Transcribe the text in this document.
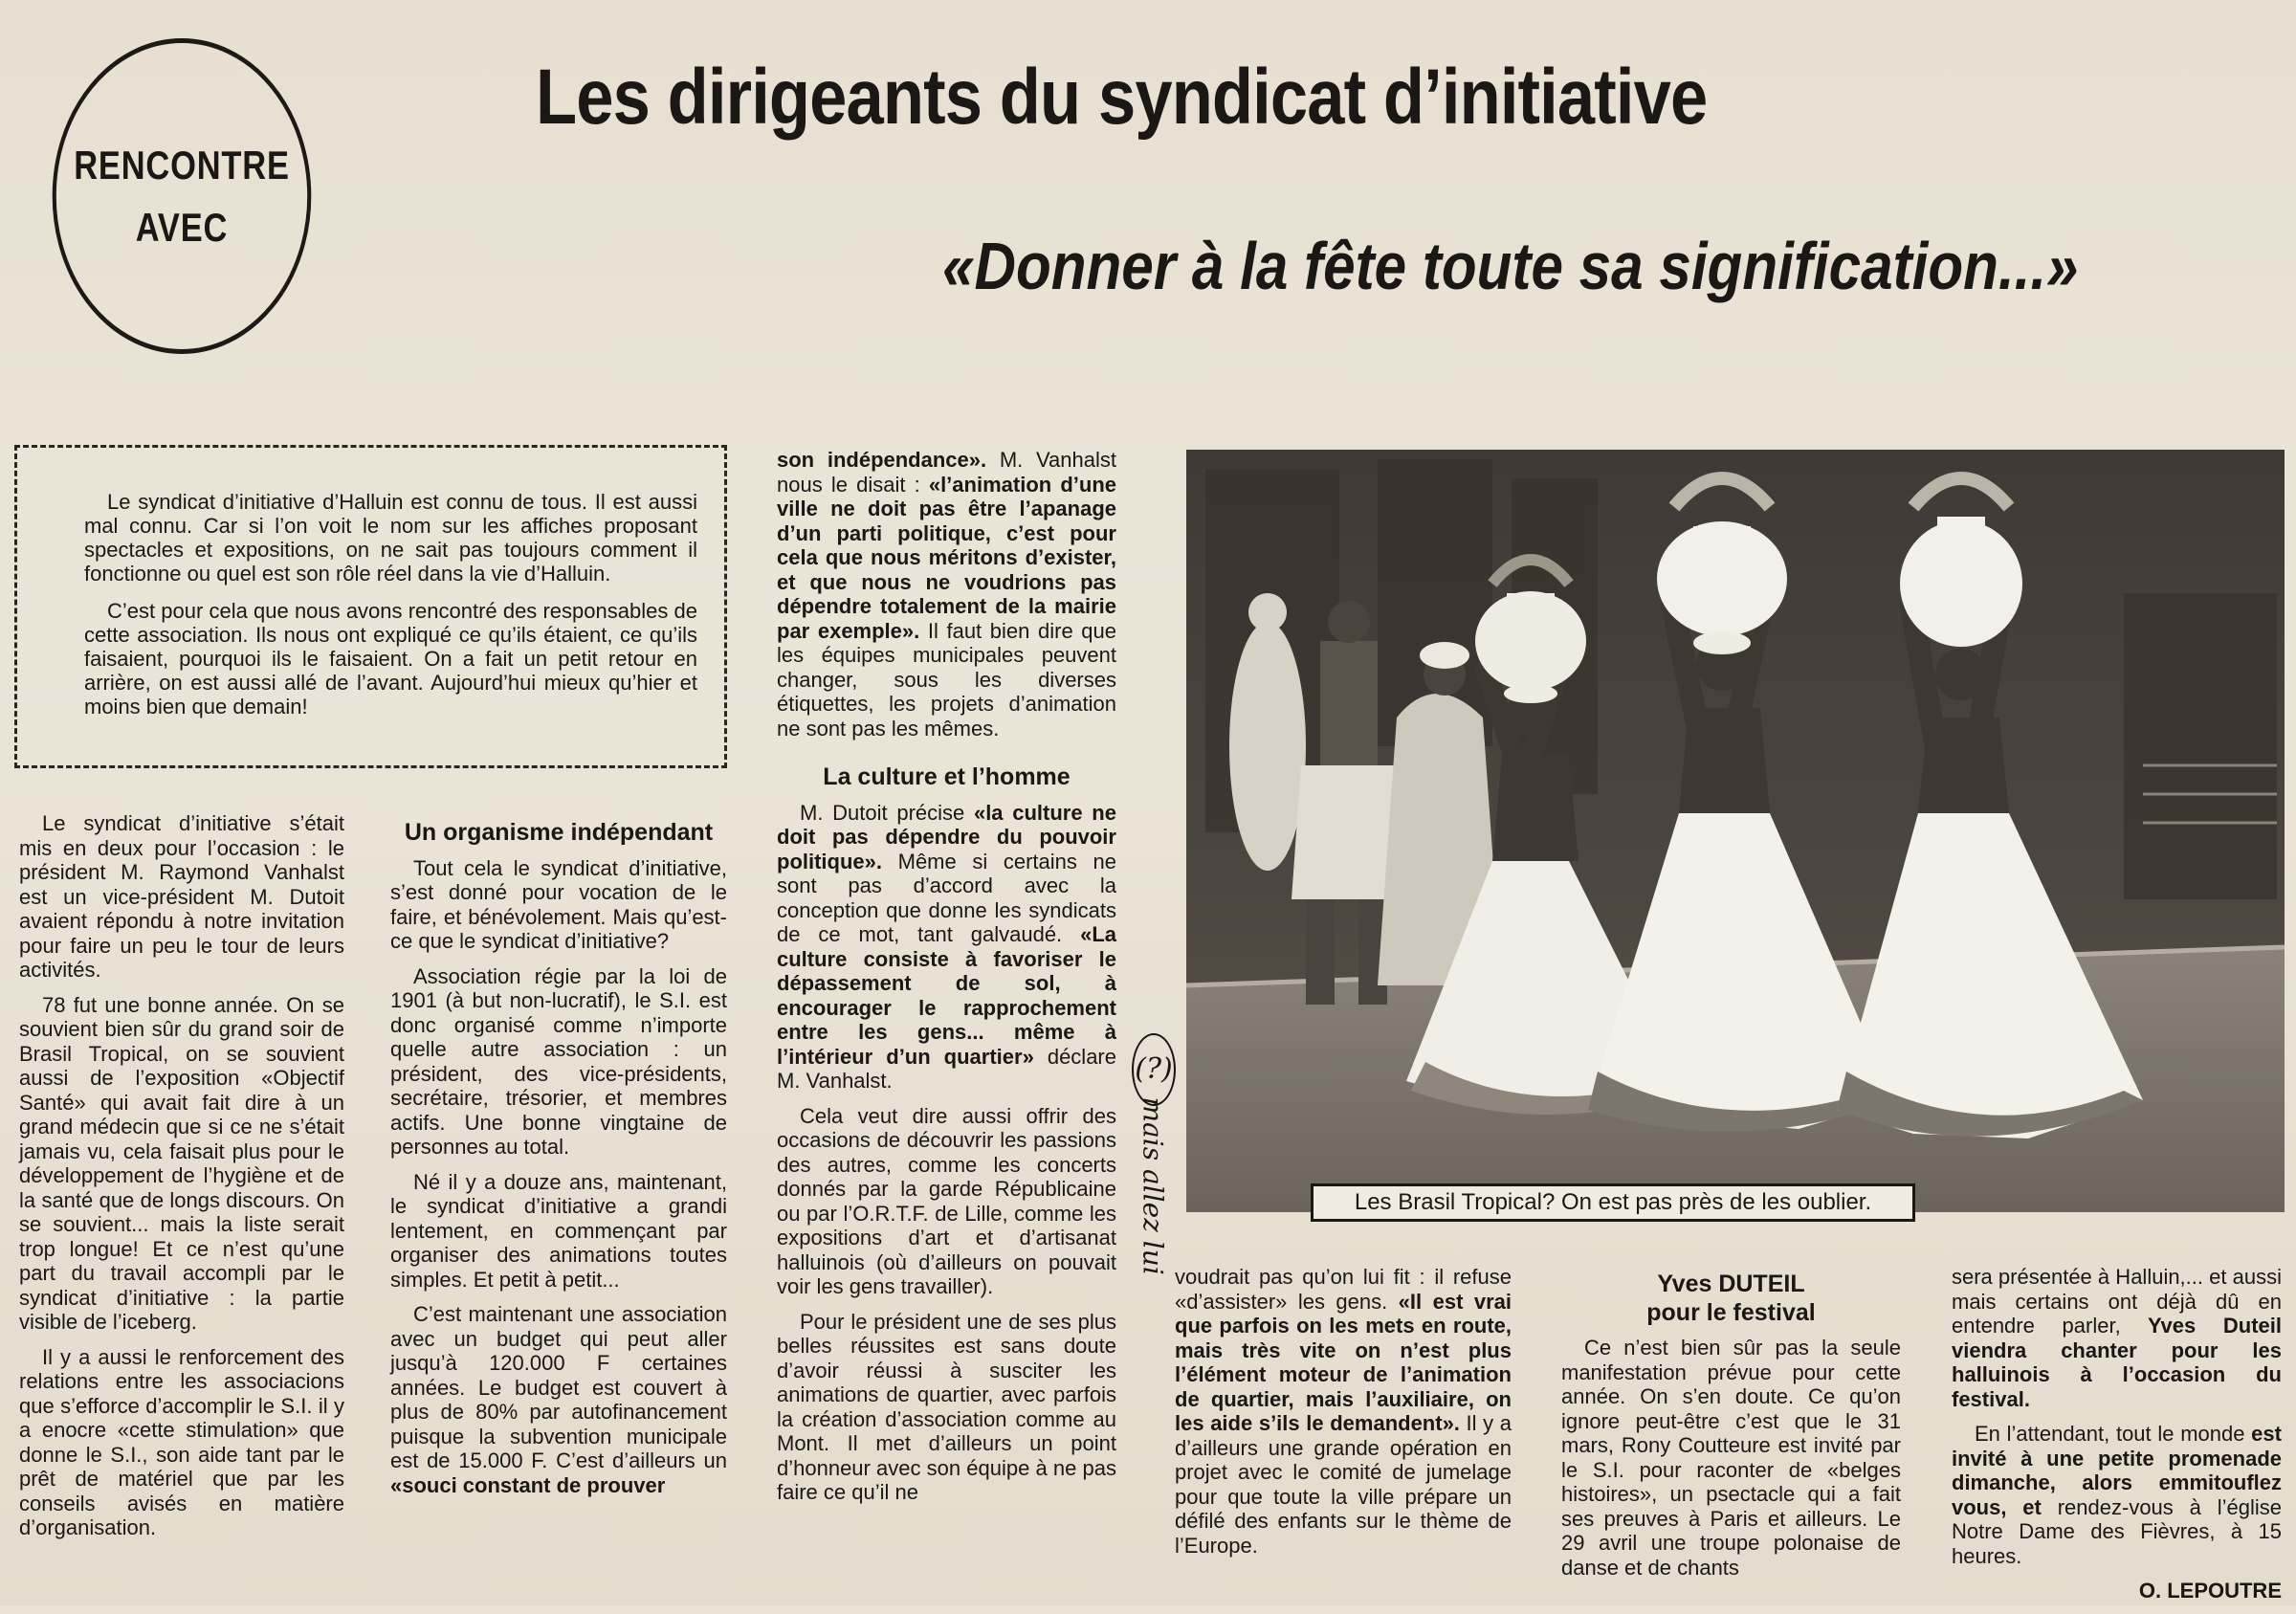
RENCONTRE
AVEC
Les dirigeants du syndicat d’initiative
«Donner à la fête toute sa signification...»

Le syndicat d’initiative d’Halluin est connu de tous. Il est aussi mal connu. Car si l’on voit le nom sur les affiches proposant spectacles et expositions, on ne sait pas toujours comment il fonctionne ou quel est son rôle réel dans la vie d’Halluin.

C’est pour cela que nous avons rencontré des responsables de cette association. Ils nous ont expliqué ce qu’ils étaient, ce qu’ils faisaient, pourquoi ils le faisaient. On a fait un petit retour en arrière, on est aussi allé de l’avant. Aujourd’hui mieux qu’hier et moins bien que demain!

Le syndicat d’initiative s’était mis en deux pour l’occasion : le président M. Raymond Vanhalst est un vice-président M. Dutoit avaient répondu à notre invitation pour faire un peu le tour de leurs activités.

78 fut une bonne année. On se souvient bien sûr du grand soir de Brasil Tropical, on se souvient aussi de l’exposition «Objectif Santé» qui avait fait dire à un grand médecin que si ce ne s’était jamais vu, cela faisait plus pour le développement de l’hygiène et de la santé que de longs discours. On se souvient... mais la liste serait trop longue! Et ce n’est qu’une part du travail accompli par le syndicat d’initiative : la partie visible de l’iceberg.

Il y a aussi le renforcement des relations entre les associacions que s’efforce d’accomplir le S.I. il y a enocre «cette stimulation» que donne le S.I., son aide tant par le prêt de matériel que par les conseils avisés en matière d’organisation.

Un organisme indépendant

Tout cela le syndicat d’initiative, s’est donné pour vocation de le faire, et bénévolement. Mais qu’est-ce que le syndicat d’initiative?

Association régie par la loi de 1901 (à but non-lucratif), le S.I. est donc organisé comme n’importe quelle autre association : un président, des vice-présidents, secrétaire, trésorier, et membres actifs. Une bonne vingtaine de personnes au total.

Né il y a douze ans, maintenant, le syndicat d’initiative a grandi lentement, en commençant par organiser des animations toutes simples. Et petit à petit...

C’est maintenant une association avec un budget qui peut aller jusqu’à 120.000 F certaines années. Le budget est couvert à plus de 80% par autofinancement puisque la subvention municipale est de 15.000 F. C’est d’ailleurs un «souci constant de prouver

son indépendance». M. Vanhalst nous le disait : «l’animation d’une ville ne doit pas être l’apanage d’un parti politique, c’est pour cela que nous méritons d’exister, et que nous ne voudrions pas dépendre totalement de la mairie par exemple». Il faut bien dire que les équipes municipales peuvent changer, sous les diverses étiquettes, les projets d’animation ne sont pas les mêmes.

La culture et l’homme

M. Dutoit précise «la culture ne doit pas dépendre du pouvoir politique». Même si certains ne sont pas d’accord avec la conception que donne les syndicats de ce mot, tant galvaudé. «La culture consiste à favoriser le dépassement de sol, à encourager le rapprochement entre les gens... même à l’intérieur d’un quartier» déclare M. Vanhalst.

Cela veut dire aussi offrir des occasions de découvrir les passions des autres, comme les concerts donnés par la garde Républicaine ou par l’O.R.T.F. de Lille, comme les expositions d’art et d’artisanat halluinois (où d’ailleurs on pouvait voir les gens travailler).

Pour le président une de ses plus belles réussites est sans doute d’avoir réussi à susciter les animations de quartier, avec parfois la création d’association comme au Mont. Il met d’ailleurs un point d’honneur avec son équipe à ne pas faire ce qu’il ne

(?)
mais allez lui	Les Brasil Tropical? On est pas près de les oublier.

voudrait pas qu’on lui fit : il refuse «d’assister» les gens. «Il est vrai que parfois on les mets en route, mais très vite on n’est plus l’élément moteur de l’animation de quartier, mais l’auxiliaire, on les aide s’ils le demandent». Il y a d’ailleurs une grande opération en projet avec le comité de jumelage pour que toute la ville prépare un défilé des enfants sur le thème de l’Europe.

Yves DUTEIL

pour le festival

Ce n’est bien sûr pas la seule manifestation prévue pour cette année. On s’en doute. Ce qu’on ignore peut-être c’est que le 31 mars, Rony Coutteure est invité par le S.I. pour raconter de «belges histoires», un psectacle qui a fait ses preuves à Paris et ailleurs. Le 29 avril une troupe polonaise de danse et de chants

sera présentée à Halluin,... et aussi mais certains ont déjà dû en entendre parler, Yves Duteil viendra chanter pour les halluinois à l’occasion du festival.

En l’attendant, tout le monde est invité à une petite promenade dimanche, alors emmitouflez vous, et rendez-vous à l’église Notre Dame des Fièvres, à 15 heures.

O. LEPOUTRE
